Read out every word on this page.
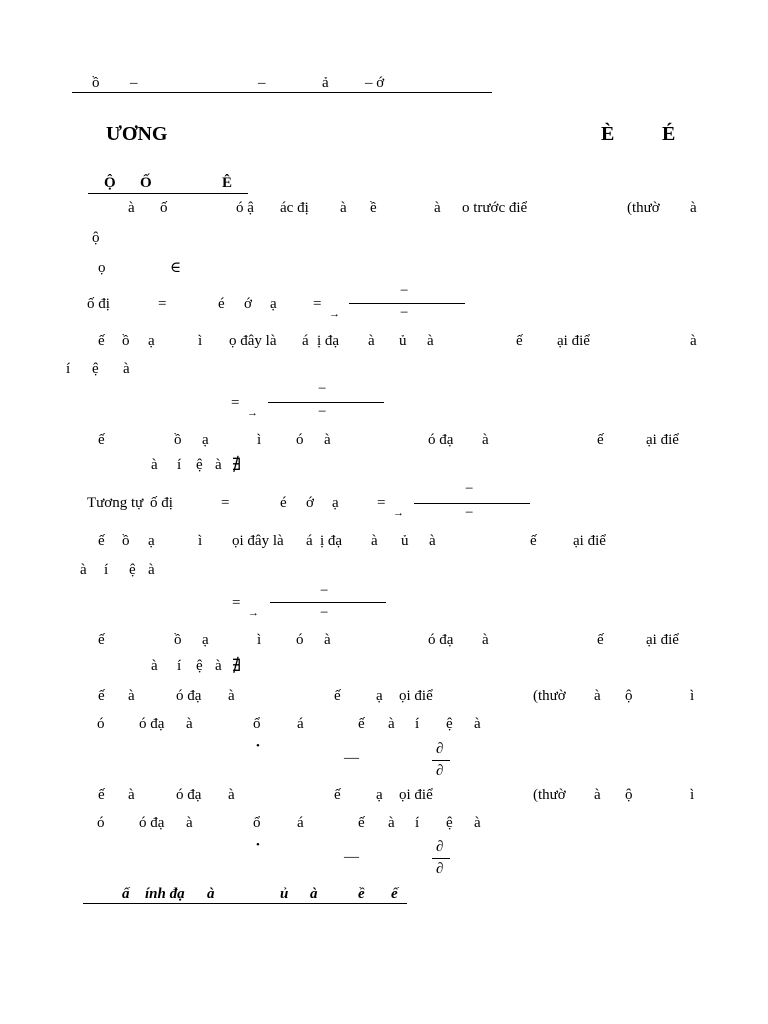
ồ –	–	ả – ớ
ƯƠNG	È É
Ộ Ố	Ê
à ố	ó ậ ác đị à ề	à o trước điể	(thườ à
ộ
ọ	∈
ố đị	=	é ớ ạ =
→
−
−
ế ồ ạ	ì ọ đây là á ị đạ à ủ à	ế ại điể	à
í ệ à
=
→
−
−
ế	ồ ạ	ì ó à	ó đạ à	ế	ại điể
à í ệ à ∄
Tương tự ố đị	=	é ớ ạ	=
→
−
−
ế ồ ạ	ì ọi đây là á ị đạ à ủ à	ế ại điể
à í ệ à
=
→
−
−
ế	ồ ạ	ì ó à	ó đạ à	ế	ại điể
à í ệ à ∄
ế à	ó đạ à	ế ạ ọi điể	(thườ à ộ	ì
ó ó đạ à	ổ á	ế à í ệ à
•
—
∂
∂
ế à	ó đạ à	ế ạ ọi điể	(thườ à ộ	ì
ó ó đạ à	ổ á	ế à í ệ à
•
—
∂
∂
ấ ính đạ à	ủ à	ề ế
